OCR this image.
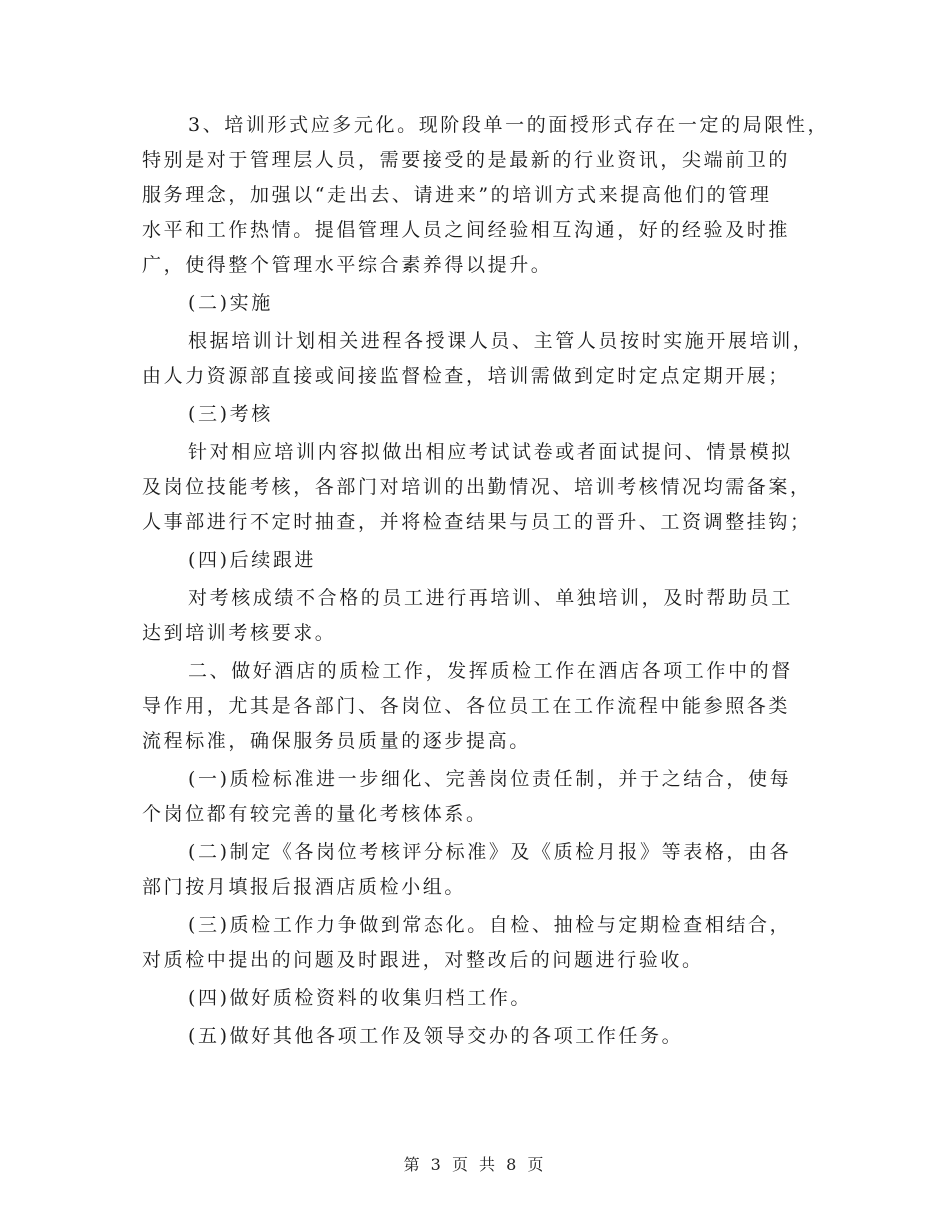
3、培训形式应多元化。现阶段单一的面授形式存在一定的局限性，

特别是对于管理层人员，需要接受的是最新的行业资讯，尖端前卫的

服务理念，加强以“走出去、请进来”的培训方式来提高他们的管理

水平和工作热情。提倡管理人员之间经验相互沟通，好的经验及时推

广，使得整个管理水平综合素养得以提升。

(二)实施

根据培训计划相关进程各授课人员、主管人员按时实施开展培训，

由人力资源部直接或间接监督检查，培训需做到定时定点定期开展；

(三)考核

针对相应培训内容拟做出相应考试试卷或者面试提问、情景模拟

及岗位技能考核，各部门对培训的出勤情况、培训考核情况均需备案，

人事部进行不定时抽查，并将检查结果与员工的晋升、工资调整挂钩；

(四)后续跟进

对考核成绩不合格的员工进行再培训、单独培训，及时帮助员工

达到培训考核要求。

二、做好酒店的质检工作，发挥质检工作在酒店各项工作中的督

导作用，尤其是各部门、各岗位、各位员工在工作流程中能参照各类

流程标准，确保服务员质量的逐步提高。

(一)质检标准进一步细化、完善岗位责任制，并于之结合，使每

个岗位都有较完善的量化考核体系。

(二)制定《各岗位考核评分标准》及《质检月报》等表格，由各

部门按月填报后报酒店质检小组。

(三)质检工作力争做到常态化。自检、抽检与定期检查相结合，

对质检中提出的问题及时跟进，对整改后的问题进行验收。

(四)做好质检资料的收集归档工作。

(五)做好其他各项工作及领导交办的各项工作任务。

第 3 页 共 8 页
